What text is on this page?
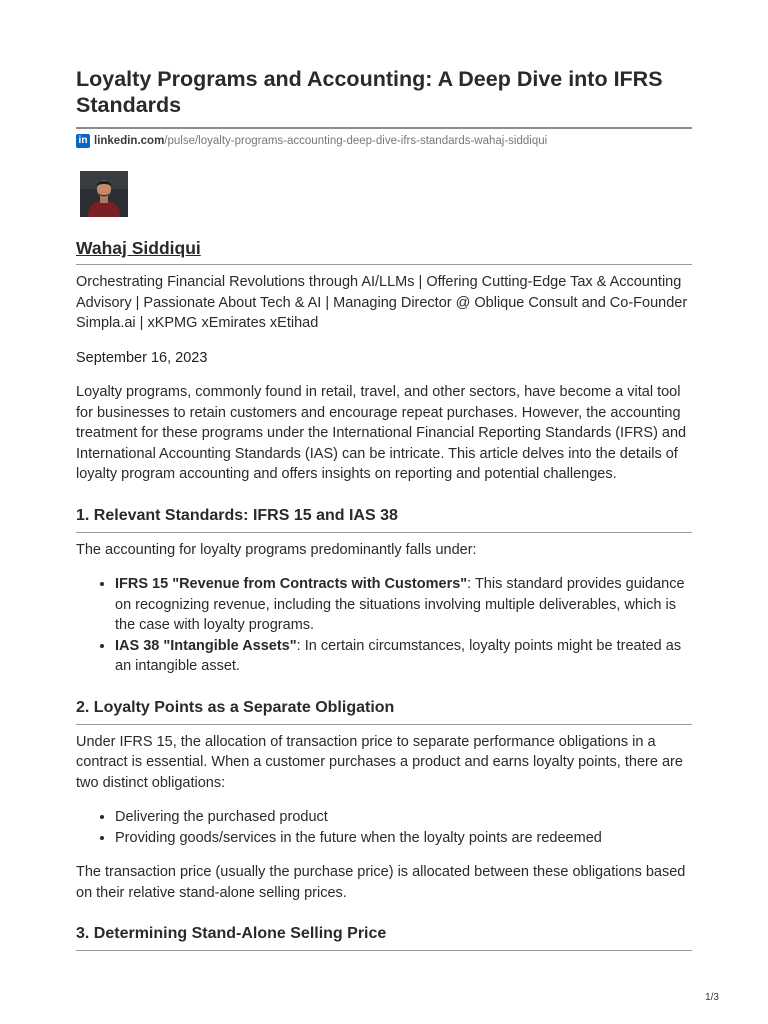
Loyalty Programs and Accounting: A Deep Dive into IFRS Standards
in linkedin.com /pulse/loyalty-programs-accounting-deep-dive-ifrs-standards-wahaj-siddiqui
Wahaj Siddiqui

Orchestrating Financial Revolutions through AI/LLMs | Offering Cutting-Edge Tax & Accounting Advisory | Passionate About Tech & AI | Managing Director @ Oblique Consult and Co-Founder Simpla.ai | xKPMG xEmirates xEtihad

September 16, 2023

Loyalty programs, commonly found in retail, travel, and other sectors, have become a vital tool for businesses to retain customers and encourage repeat purchases. However, the accounting treatment for these programs under the International Financial Reporting Standards (IFRS) and International Accounting Standards (IAS) can be intricate. This article delves into the details of loyalty program accounting and offers insights on reporting and potential challenges.

1. Relevant Standards: IFRS 15 and IAS 38

The accounting for loyalty programs predominantly falls under:

• IFRS 15 "Revenue from Contracts with Customers": This standard provides guidance on recognizing revenue, including the situations involving multiple deliverables, which is the case with loyalty programs.
• IAS 38 "Intangible Assets": In certain circumstances, loyalty points might be treated as an intangible asset.
2. Loyalty Points as a Separate Obligation

Under IFRS 15, the allocation of transaction price to separate performance obligations in a contract is essential. When a customer purchases a product and earns loyalty points, there are two distinct obligations:

• Delivering the purchased product
• Providing goods/services in the future when the loyalty points are redeemed

The transaction price (usually the purchase price) is allocated between these obligations based on their relative stand-alone selling prices.

3. Determining Stand-Alone Selling Price
1/3
